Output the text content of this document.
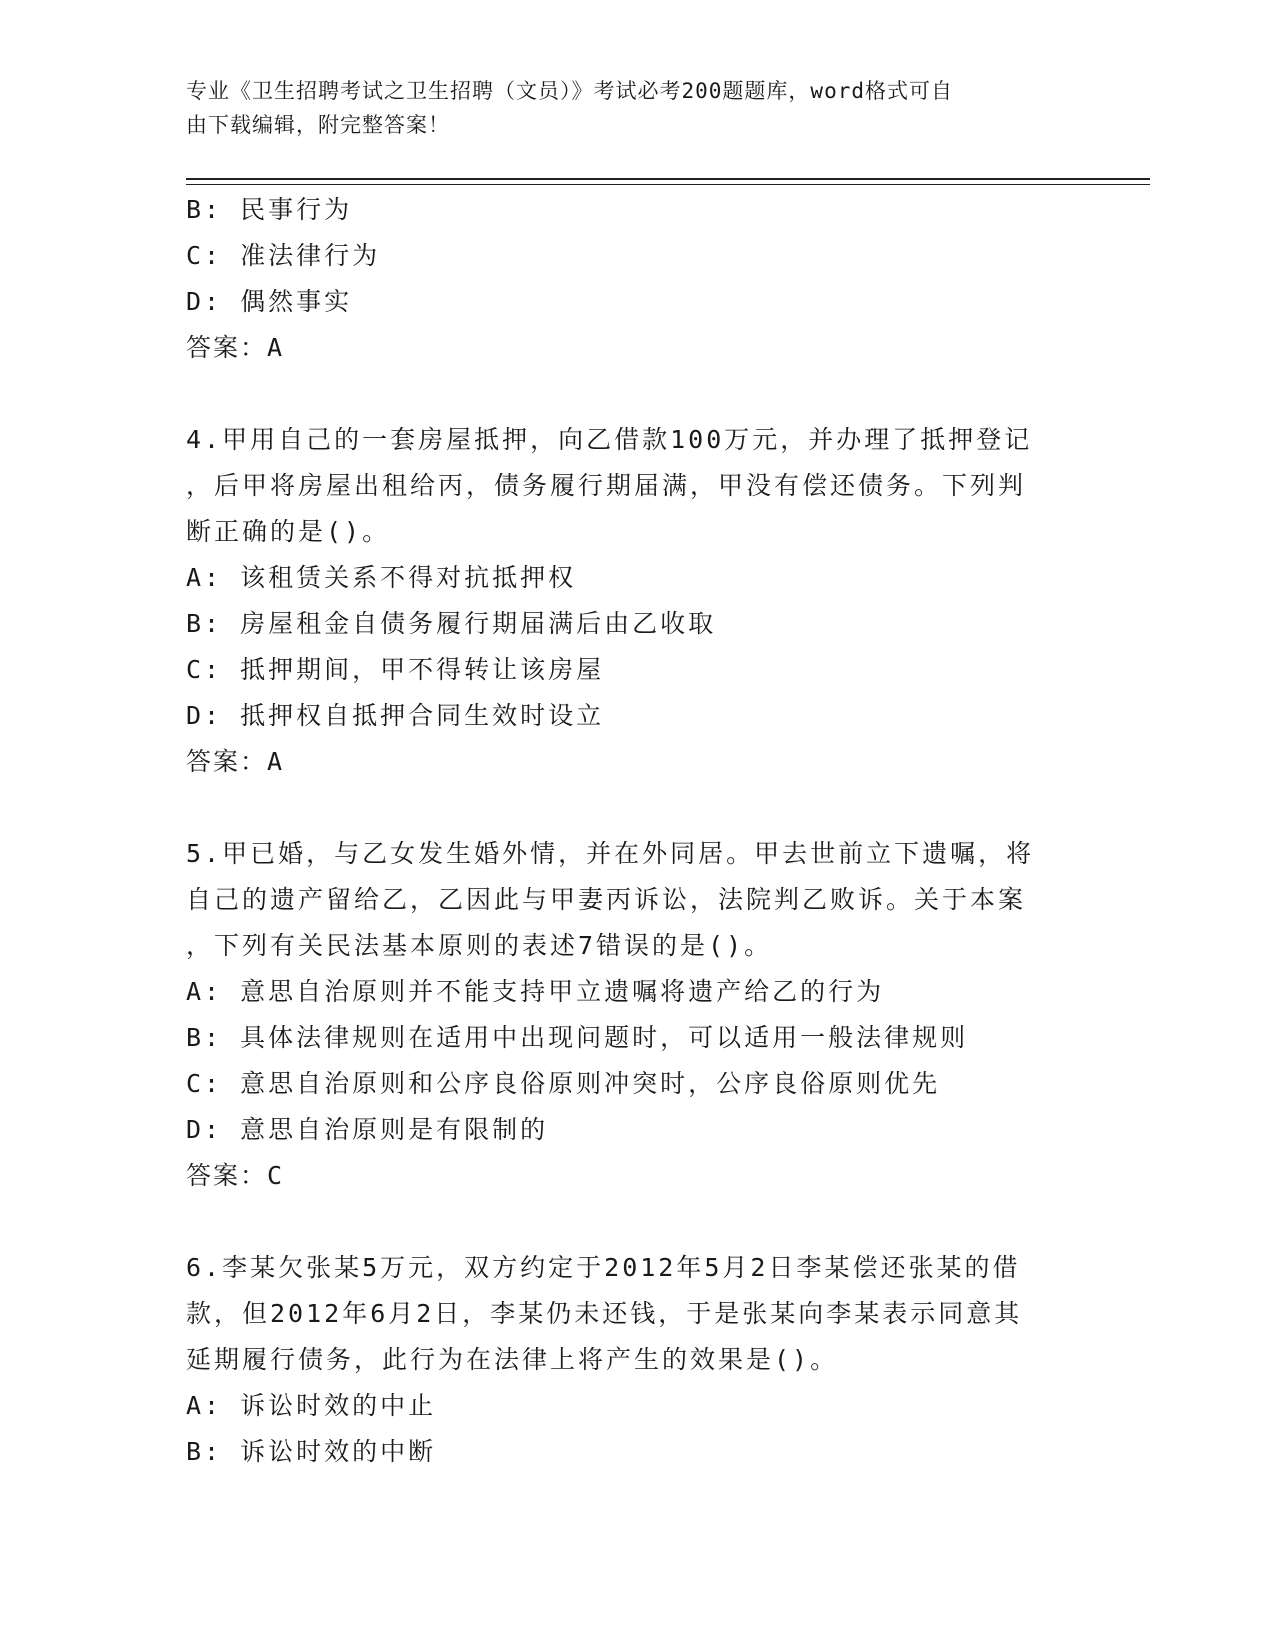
专业《卫生招聘考试之卫生招聘（文员）》考试必考200题题库，word格式可自
由下载编辑，附完整答案！
B: 民事行为
C: 准法律行为
D: 偶然事实
答案：A
4.甲用自己的一套房屋抵押，向乙借款100万元，并办理了抵押登记
，后甲将房屋出租给丙，债务履行期届满，甲没有偿还债务。下列判
断正确的是()。
A: 该租赁关系不得对抗抵押权
B: 房屋租金自债务履行期届满后由乙收取
C: 抵押期间，甲不得转让该房屋
D: 抵押权自抵押合同生效时设立
答案：A
5.甲已婚，与乙女发生婚外情，并在外同居。甲去世前立下遗嘱，将
自己的遗产留给乙，乙因此与甲妻丙诉讼，法院判乙败诉。关于本案
，下列有关民法基本原则的表述7错误的是()。
A: 意思自治原则并不能支持甲立遗嘱将遗产给乙的行为
B: 具体法律规则在适用中出现问题时，可以适用一般法律规则
C: 意思自治原则和公序良俗原则冲突时，公序良俗原则优先
D: 意思自治原则是有限制的
答案：C
6.李某欠张某5万元，双方约定于2012年5月2日李某偿还张某的借
款，但2012年6月2日，李某仍未还钱，于是张某向李某表示同意其
延期履行债务，此行为在法律上将产生的效果是()。
A: 诉讼时效的中止
B: 诉讼时效的中断
